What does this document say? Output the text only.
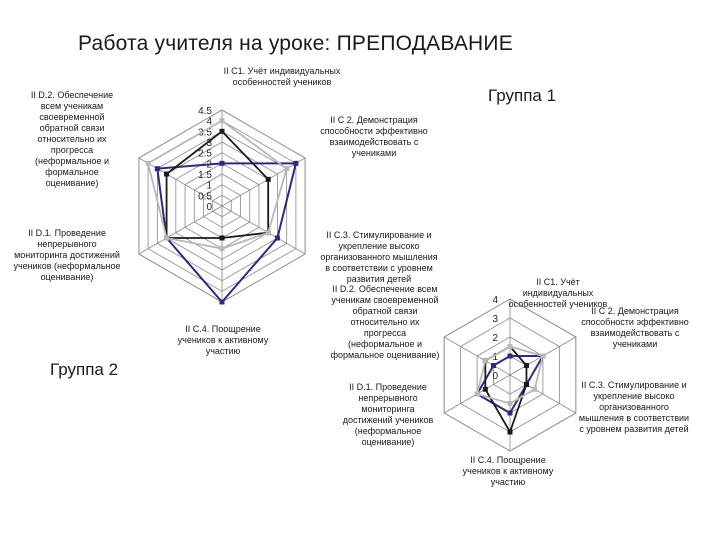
Работа учителя на уроке: ПРЕПОДАВАНИЕ
0
0.5
1
1.5
2
2.5
3
3.5
4
4.5
0
1
2
3
4
II C1. Учёт индивидуальных особенностей учеников
II C 2. Демонстрация способности эффективно взаимодействовать с учениками
II C.3. Стимулирование и укрепление высоко организованного мышления в соответствии с уровнем развития детей
II C.4. Поощрение учеников к активному участию
II D.1. Проведение непрерывного мониторинга достижений учеников (неформальное оценивание)
II D.2. Обеспечение всем ученикам своевременной обратной связи относительно их прогресса (неформальное и формальное оценивание)
II C1. Учёт индивидуальных особенностей учеников
II C 2. Демонстрация способности эффективно взаимодействовать с учениками
II C.3. Стимулирование и укрепление высоко организованного мышления в соответствии с уровнем развития детей
II C.4. Поощрение учеников к активному участию
II D.1. Проведение непрерывного мониторинга достижений учеников (неформальное оценивание)
II D.2. Обеспечение всем ученикам своевременной обратной связи относительно их прогресса (неформальное и формальное оценивание)
Группа 1
Группа 2
